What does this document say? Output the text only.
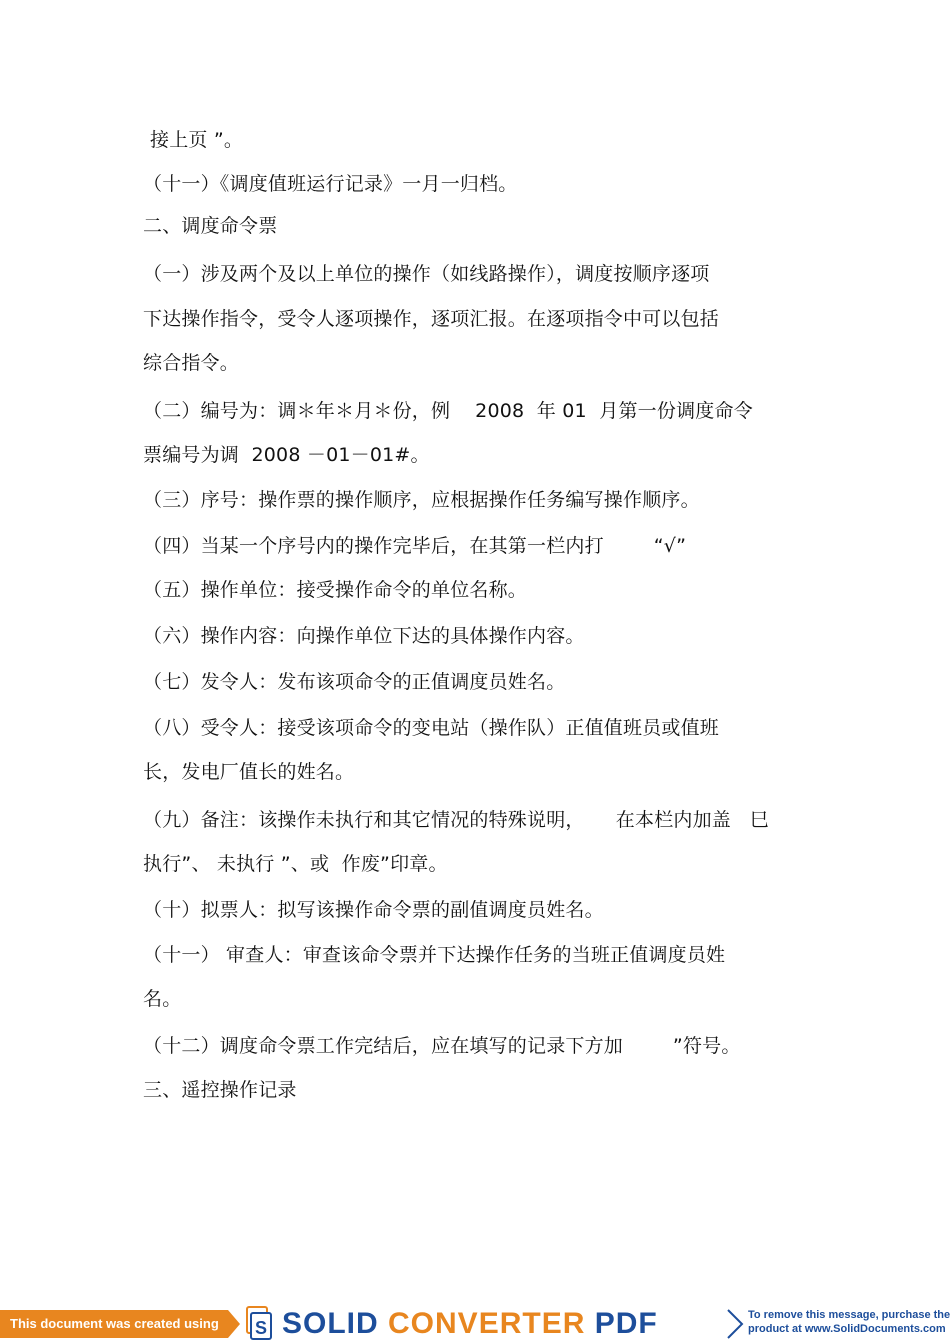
接上页 ”。
（十一）《调度值班运行记录》一月一归档。
二、调度命令票
（一）涉及两个及以上单位的操作（如线路操作），调度按顺序逐项
下达操作指令，受令人逐项操作，逐项汇报。在逐项指令中可以包括
综合指令。
（二）编号为：调＊年＊月＊份，例    2008  年 01  月第一份调度命令
票编号为调  2008 －01－01#。
（三）序号：操作票的操作顺序，应根据操作任务编写操作顺序。
（四）当某一个序号内的操作完毕后，在其第一栏内打        “√”
（五）操作单位：接受操作命令的单位名称。
（六）操作内容：向操作单位下达的具体操作内容。
（七）发令人：发布该项命令的正值调度员姓名。
（八）受令人：接受该项命令的变电站（操作队）正值值班员或值班
长，发电厂值长的姓名。
（九）备注：该操作未执行和其它情况的特殊说明，     在本栏内加盖   巳
执行”、 未执行 ”、或  作废”印章。
（十）拟票人：拟写该操作命令票的副值调度员姓名。
（十一） 审查人：审查该命令票并下达操作任务的当班正值调度员姓
名。
（十二）调度命令票工作完结后，应在填写的记录下方加        ”符号。
三、遥控操作记录
This document was created using	S SOLID CONVERTER PDF	To remove this message, purchase the
product at www.SolidDocuments.com
